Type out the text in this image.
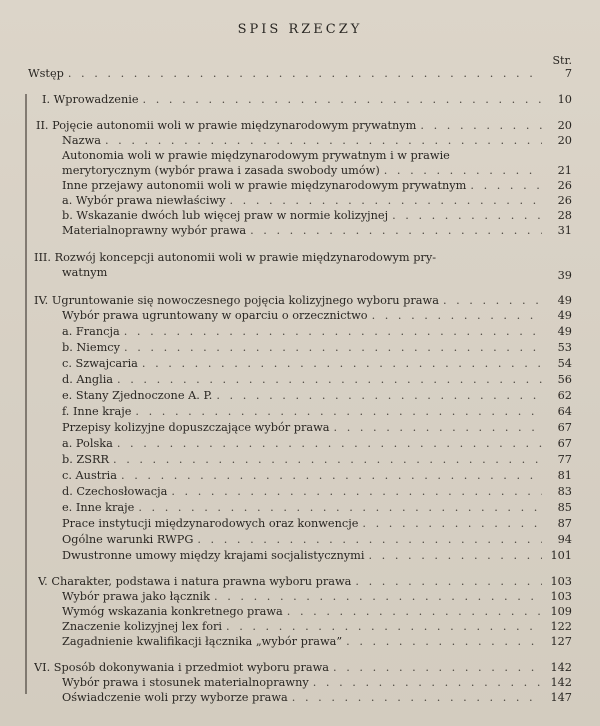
SPIS RZECZY
Str.
Wstęp . . .	7
I. Wprowadzenie . . .	10
II. Pojęcie autonomii woli w prawie międzynarodowym prywatnym . . .	20
Nazwa . . .	20
Autonomia woli w prawie międzynarodowym prywatnym i w prawie
merytorycznym (wybór prawa i zasada swobody umów) . . .	21
Inne przejawy autonomii woli w prawie międzynarodowym prywatnym . . .	26
a. Wybór prawa niewłaściwy . . .	26
b. Wskazanie dwóch lub więcej praw w normie kolizyjnej . . .	28
Materialnoprawny wybór prawa . . .	31
III. Rozwój koncepcji autonomii woli w prawie międzynarodowym pry-
watnym	39
IV. Ugruntowanie się nowoczesnego pojęcia kolizyjnego wyboru prawa . . .	49
Wybór prawa ugruntowany w oparciu o orzecznictwo . . .	49
a. Francja . . .	49
b. Niemcy . . .	53
c. Szwajcaria . . .	54
d. Anglia . . .	56
e. Stany Zjednoczone A. P. . . .	62
f. Inne kraje . . .	64
Przepisy kolizyjne dopuszczające wybór prawa . . .	67
a. Polska . . .	67
b. ZSRR . . .	77
c. Austria . . .	81
d. Czechosłowacja . . .	83
e. Inne kraje . . .	85
Prace instytucji międzynarodowych oraz konwencje . . .	87
Ogólne warunki RWPG . . .	94
Dwustronne umowy między krajami socjalistycznymi . . .	101
V. Charakter, podstawa i natura prawna wyboru prawa . . .	103
Wybór prawa jako łącznik . . .	103
Wymóg wskazania konkretnego prawa . . .	109
Znaczenie kolizyjnej lex fori . . .	122
Zagadnienie kwalifikacji łącznika „wybór prawa” . . .	127
VI. Sposób dokonywania i przedmiot wyboru prawa . . .	142
Wybór prawa i stosunek materialnoprawny . . .	142
Oświadczenie woli przy wyborze prawa . . .	147
